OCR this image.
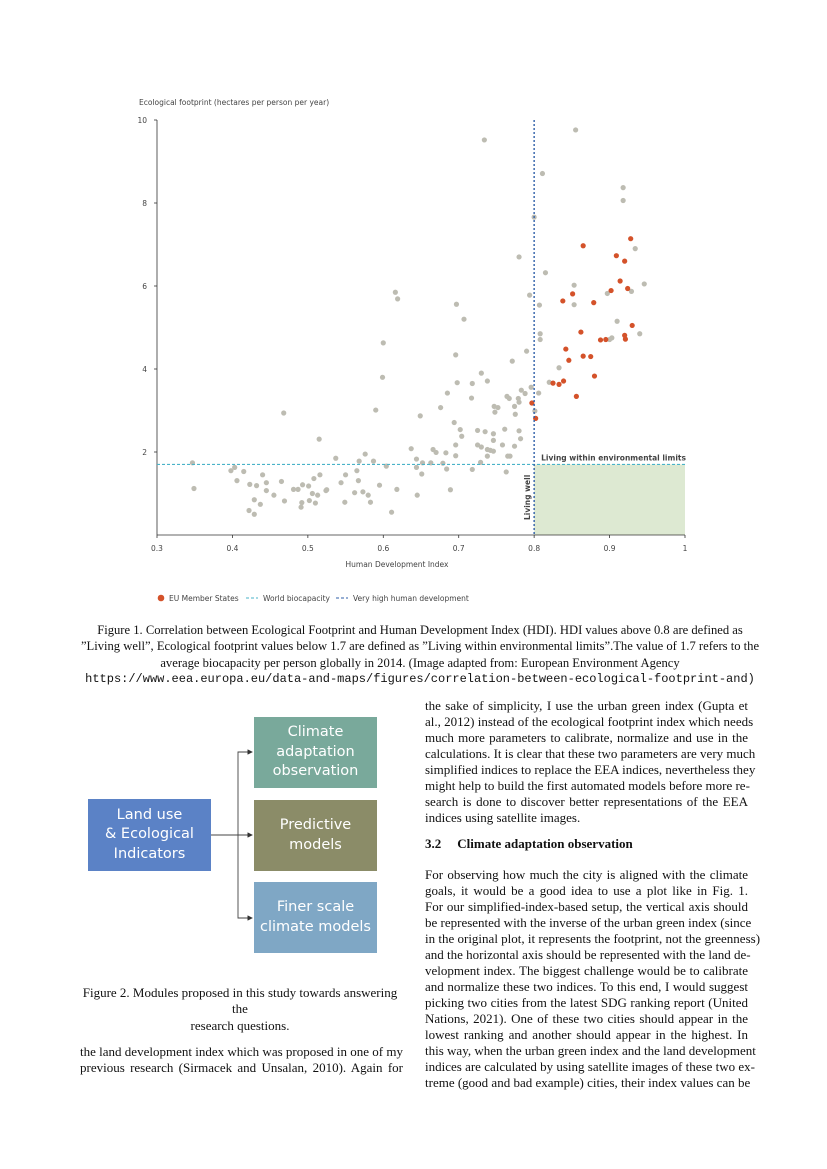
Ecological footprint (hectares per person per year)
2
4
6
8
10
0.3	0.4	0.5	0.6	0.7	0.8	0.9	1
Living within environmental limits
Living well
Human Development Index
EU Member States	World biocapacity	Very high human development
Figure 1. Correlation between Ecological Footprint and Human Development Index (HDI). HDI values above 0.8 are defined as
”Living well”, Ecological footprint values below 1.7 are defined as ”Living within environmental limits”.The value of 1.7 refers to the
average biocapacity per person globally in 2014. (Image adapted from: European Environment Agency
https://www.eea.europa.eu/data-and-maps/figures/correlation-between-ecological-footprint-and)
Land use
& Ecological
Indicators
Climate
adaptation
observation
Predictive
models
Finer scale
climate models
Figure 2. Modules proposed in this study towards answering the
research questions.
the land development index which was proposed in one of my
previous research (Sirmacek and Unsalan, 2010). Again for
the sake of simplicity, I use the urban green index (Gupta et
al., 2012) instead of the ecological footprint index which needs
much more parameters to calibrate, normalize and use in the
calculations. It is clear that these two parameters are very much
simplified indices to replace the EEA indices, nevertheless they
might help to build the first automated models before more re-
search is done to discover better representations of the EEA
indices using satellite images.
3.2 Climate adaptation observation
For observing how much the city is aligned with the climate
goals, it would be a good idea to use a plot like in Fig. 1.
For our simplified-index-based setup, the vertical axis should
be represented with the inverse of the urban green index (since
in the original plot, it represents the footprint, not the greenness)
and the horizontal axis should be represented with the land de-
velopment index. The biggest challenge would be to calibrate
and normalize these two indices. To this end, I would suggest
picking two cities from the latest SDG ranking report (United
Nations, 2021). One of these two cities should appear in the
lowest ranking and another should appear in the highest. In
this way, when the urban green index and the land development
indices are calculated by using satellite images of these two ex-
treme (good and bad example) cities, their index values can be
